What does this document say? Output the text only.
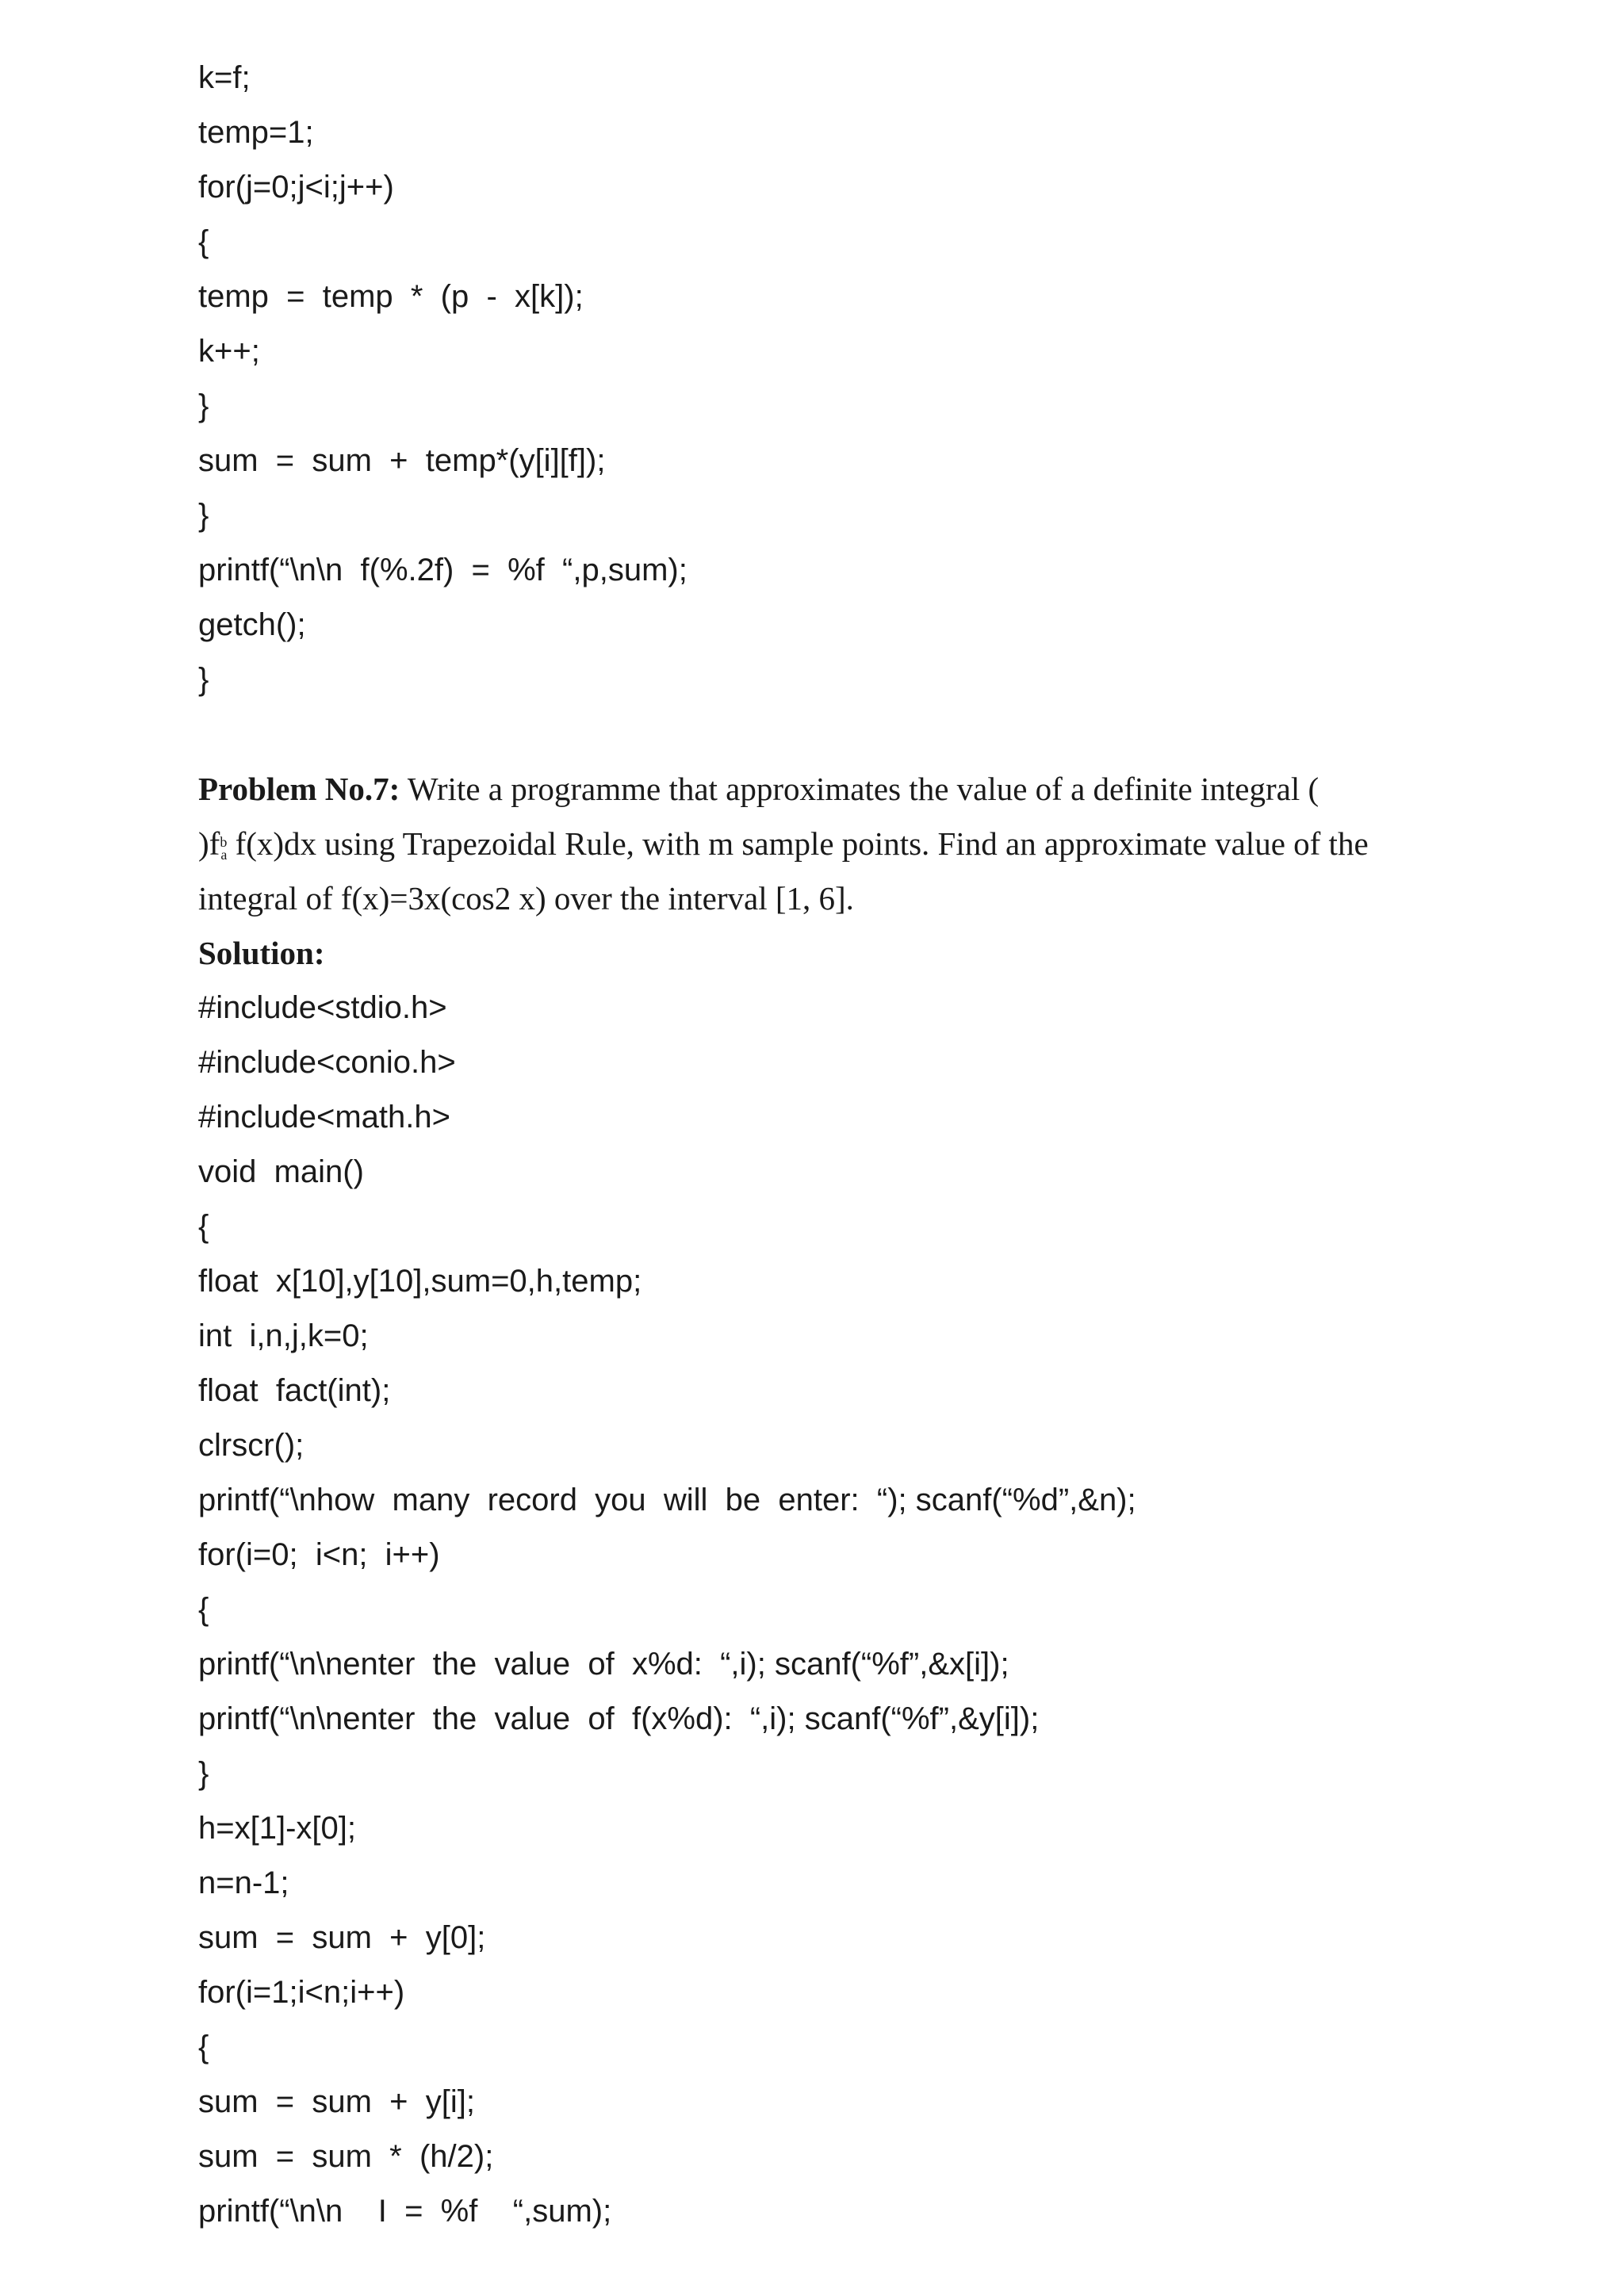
k=f;
temp=1;
for(j=0;j<i;j++)
{
temp  =  temp  *  (p  -  x[k]);
k++;
}
sum  =  sum  +  temp*(y[i][f]);
}
printf(“\n\n  f(%.2f)  =  %f  “,p,sum);
getch();
}
Problem No.7: Write a programme that approximates the value of a definite integral (
)$f^ba$ f(x)dx using Trapezoidal Rule, with m sample points. Find an approximate value of the
integral of f(x)=3x(cos2 x) over the interval [1, 6].
Solution:
#include<stdio.h>
#include<conio.h>
#include<math.h>
void  main()
{
float  x[10],y[10],sum=0,h,temp;
int  i,n,j,k=0;
float  fact(int);
clrscr();
printf(“\nhow  many  record  you  will  be  enter:  “); scanf(“%d”,&n);
for(i=0;  i<n;  i++)
{
printf(“\n\nenter  the  value  of  x%d:  “,i); scanf(“%f”,&x[i]);
printf(“\n\nenter  the  value  of  f(x%d):  “,i); scanf(“%f”,&y[i]);
}
h=x[1]-x[0];
n=n-1;
sum  =  sum  +  y[0];
for(i=1;i<n;i++)
{
sum  =  sum  +  y[i];
sum  =  sum  *  (h/2);
printf(“\n\n    I  =  %f    “,sum);
